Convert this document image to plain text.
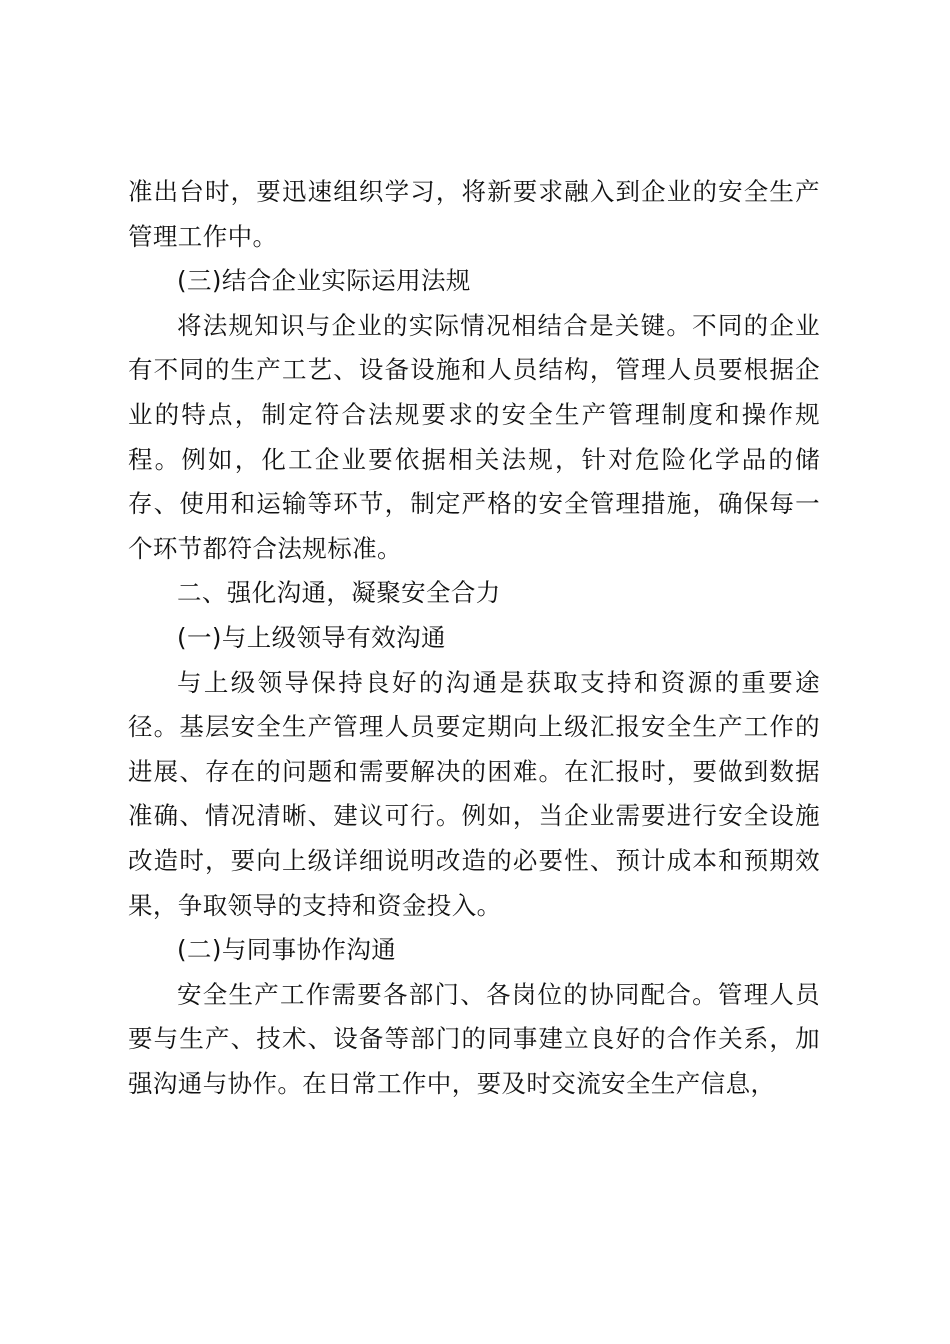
准出台时，要迅速组织学习，将新要求融入到企业的安全生产管理工作中。

(三)结合企业实际运用法规

将法规知识与企业的实际情况相结合是关键。不同的企业有不同的生产工艺、设备设施和人员结构，管理人员要根据企业的特点，制定符合法规要求的安全生产管理制度和操作规程。例如，化工企业要依据相关法规，针对危险化学品的储存、使用和运输等环节，制定严格的安全管理措施，确保每一个环节都符合法规标准。

二、强化沟通，凝聚安全合力

(一)与上级领导有效沟通

与上级领导保持良好的沟通是获取支持和资源的重要途径。基层安全生产管理人员要定期向上级汇报安全生产工作的进展、存在的问题和需要解决的困难。在汇报时，要做到数据准确、情况清晰、建议可行。例如，当企业需要进行安全设施改造时，要向上级详细说明改造的必要性、预计成本和预期效果，争取领导的支持和资金投入。

(二)与同事协作沟通

安全生产工作需要各部门、各岗位的协同配合。管理人员要与生产、技术、设备等部门的同事建立良好的合作关系，加强沟通与协作。在日常工作中，要及时交流安全生产信息，
